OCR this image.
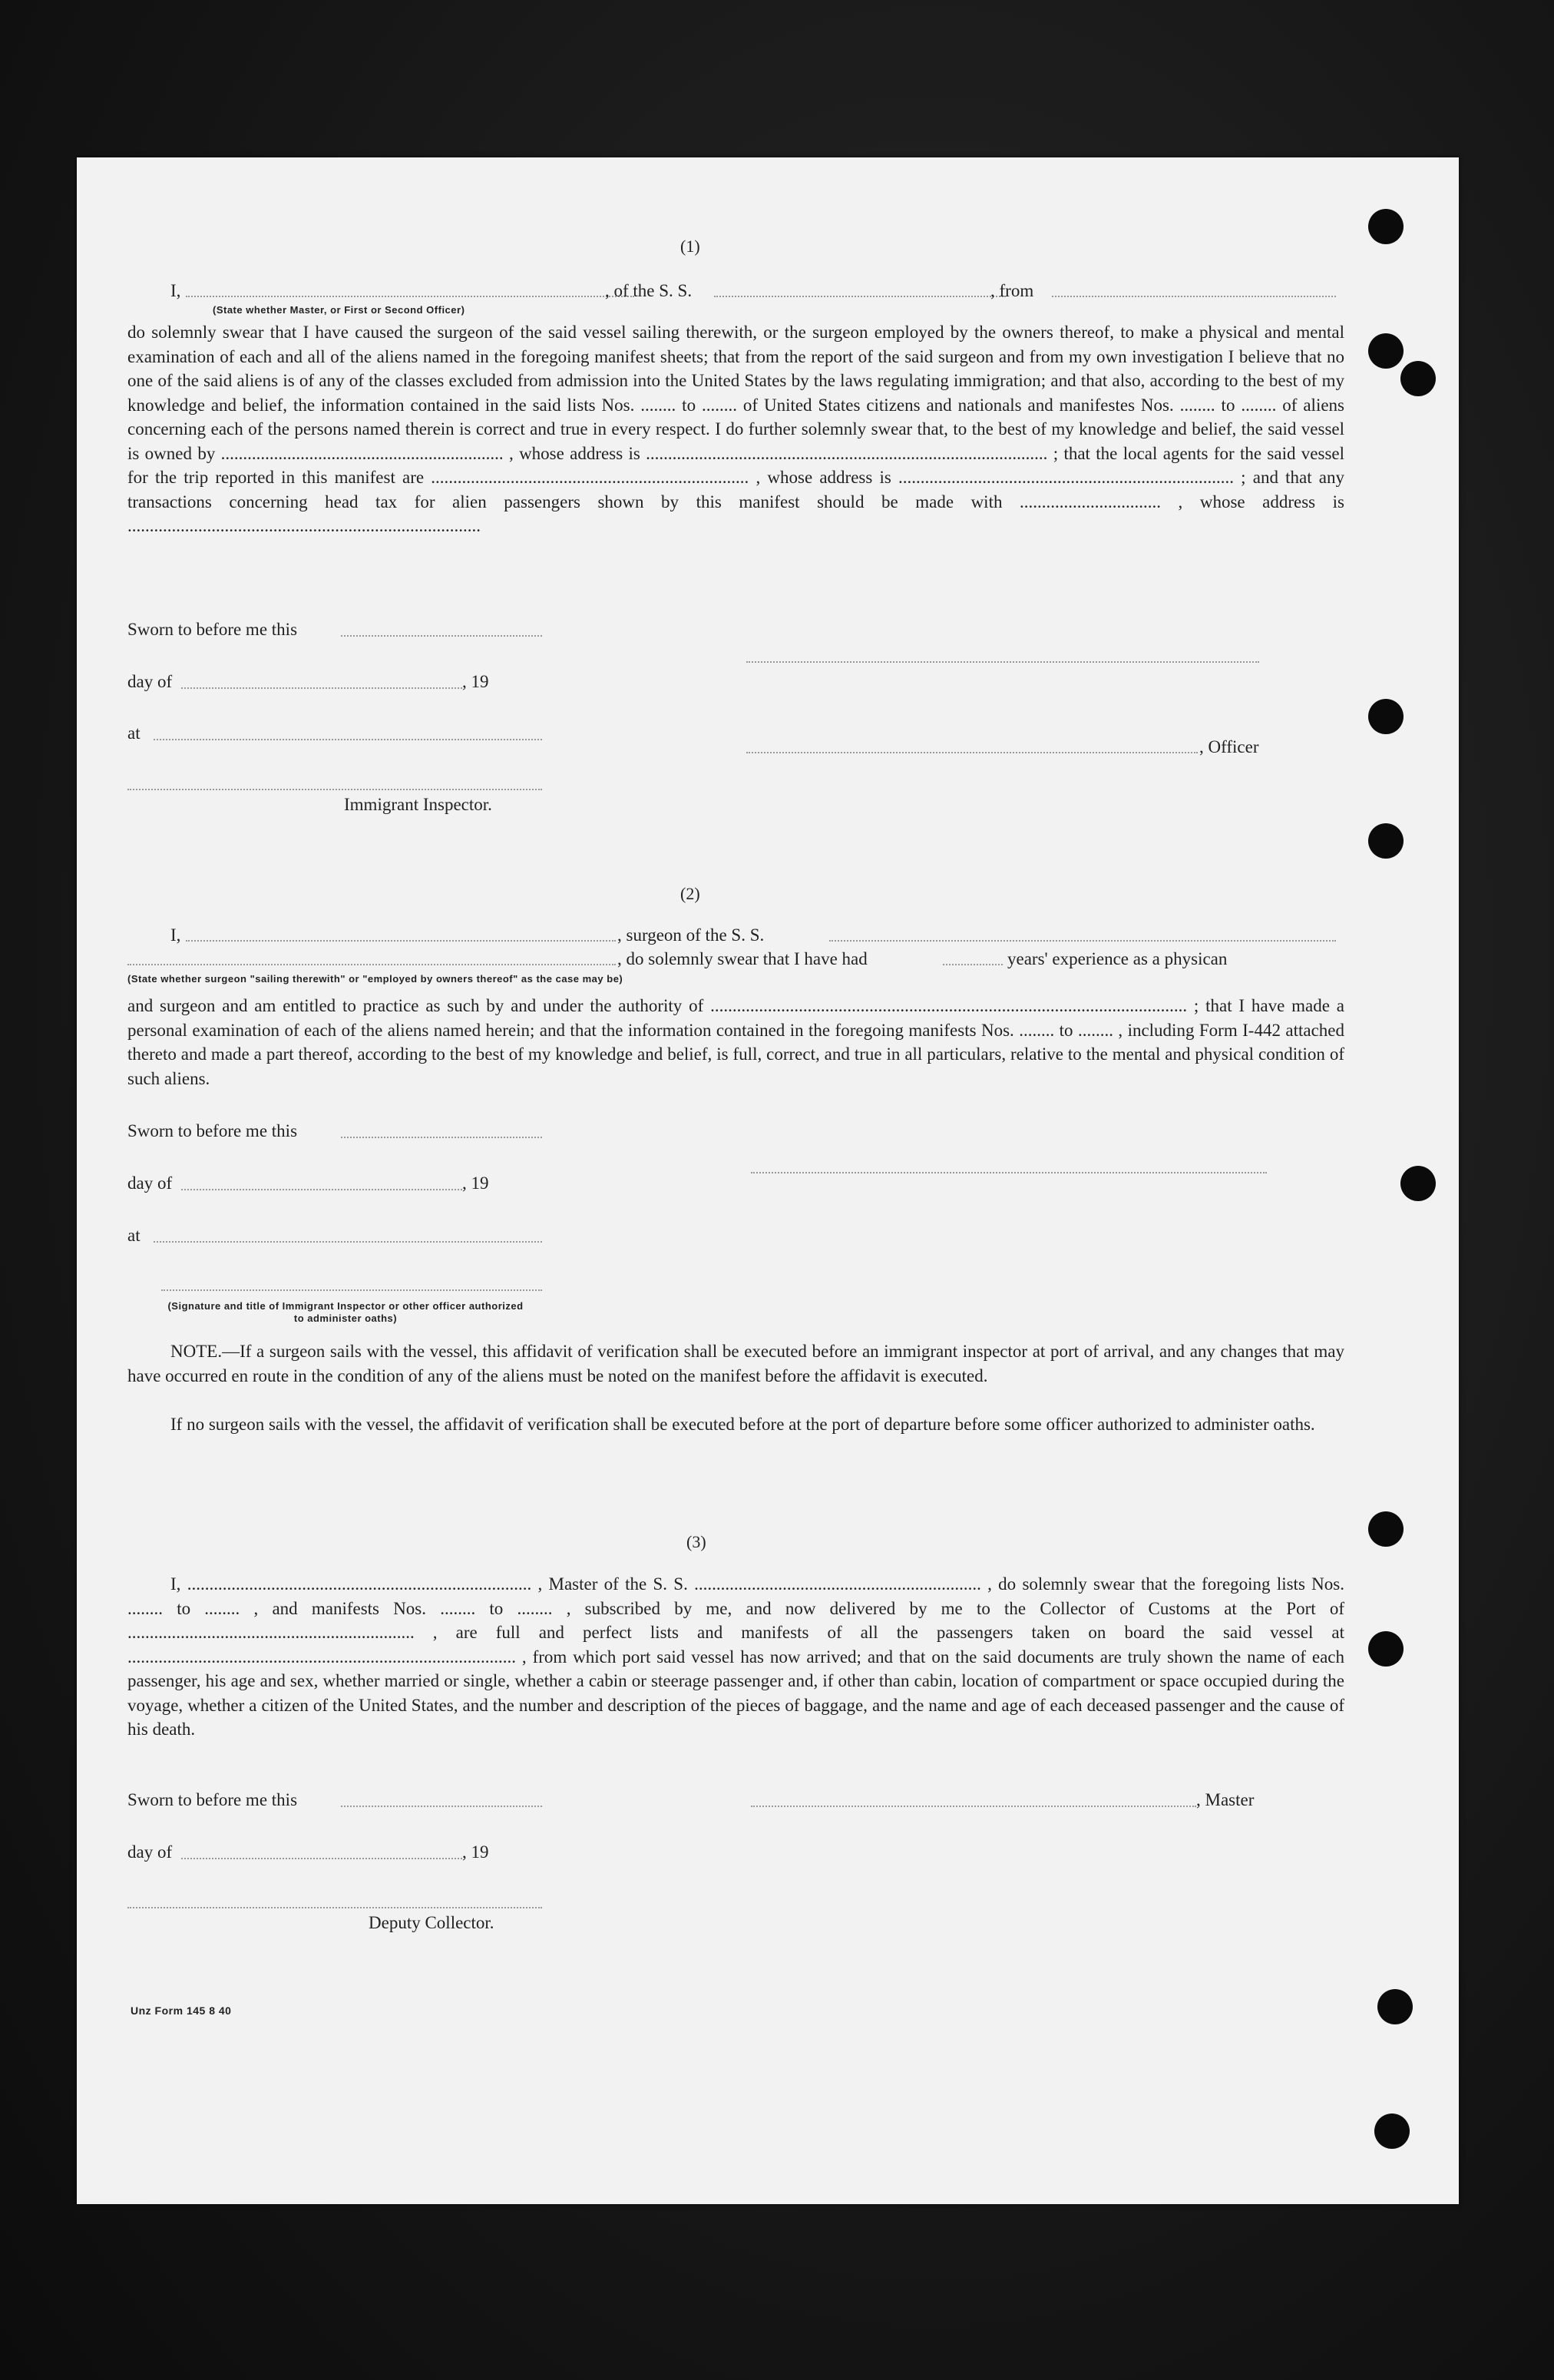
(1)
I,	, of the S. S.	, from
(State whether Master, or First or Second Officer)
do solemnly swear that I have caused the surgeon of the said vessel sailing therewith, or the surgeon employed by the owners thereof, to make a physical and mental examination of each and all of the aliens named in the foregoing manifest sheets; that from the report of the said surgeon and from my own investigation I believe that no one of the said aliens is of any of the classes excluded from admission into the United States by the laws regulating immigration; and that also, according to the best of my knowledge and belief, the information contained in the said lists Nos. ........ to ........ of United States citizens and nationals and manifestes Nos. ........ to ........ of aliens concerning each of the persons named therein is correct and true in every respect. I do further solemnly swear that, to the best of my knowledge and belief, the said vessel is owned by ................................................................ , whose address is ........................................................................................... ; that the local agents for the said vessel for the trip reported in this manifest are ........................................................................ , whose address is ............................................................................ ; and that any transactions concerning head tax for alien passengers shown by this manifest should be made with ................................ , whose address is ................................................................................
Sworn to before me this
day of	, 19
at
, Officer
Immigrant Inspector.
(2)
I,	, surgeon of the S. S.
, do solemnly swear that I have had	years' experience as a physican
(State whether surgeon "sailing therewith" or "employed by owners thereof" as the case may be)
and surgeon and am entitled to practice as such by and under the authority of ............................................................................................................ ; that I have made a personal examination of each of the aliens named herein; and that the information contained in the foregoing manifests Nos. ........ to ........ , including Form I-442 attached thereto and made a part thereof, according to the best of my knowledge and belief, is full, correct, and true in all particulars, relative to the mental and physical condition of such aliens.
Sworn to before me this
day of	, 19
at
(Signature and title of Immigrant Inspector or other officer authorized to administer oaths)
NOTE.—If a surgeon sails with the vessel, this affidavit of verification shall be executed before an immigrant inspector at port of arrival, and any changes that may have occurred en route in the condition of any of the aliens must be noted on the manifest before the affidavit is executed.
If no surgeon sails with the vessel, the affidavit of verification shall be executed before at the port of departure before some officer authorized to administer oaths.
(3)
I, .............................................................................. , Master of the S. S. ................................................................. , do solemnly swear that the foregoing lists Nos. ........ to ........ , and manifests Nos. ........ to ........ , subscribed by me, and now delivered by me to the Collector of Customs at the Port of ................................................................. , are full and perfect lists and manifests of all the passengers taken on board the said vessel at ........................................................................................ , from which port said vessel has now arrived; and that on the said documents are truly shown the name of each passenger, his age and sex, whether married or single, whether a cabin or steerage passenger and, if other than cabin, location of compartment or space occupied during the voyage, whether a citizen of the United States, and the number and description of the pieces of baggage, and the name and age of each deceased passenger and the cause of his death.
Sworn to before me this	, Master
day of	, 19
Deputy Collector.
Unz Form 145 8 40
